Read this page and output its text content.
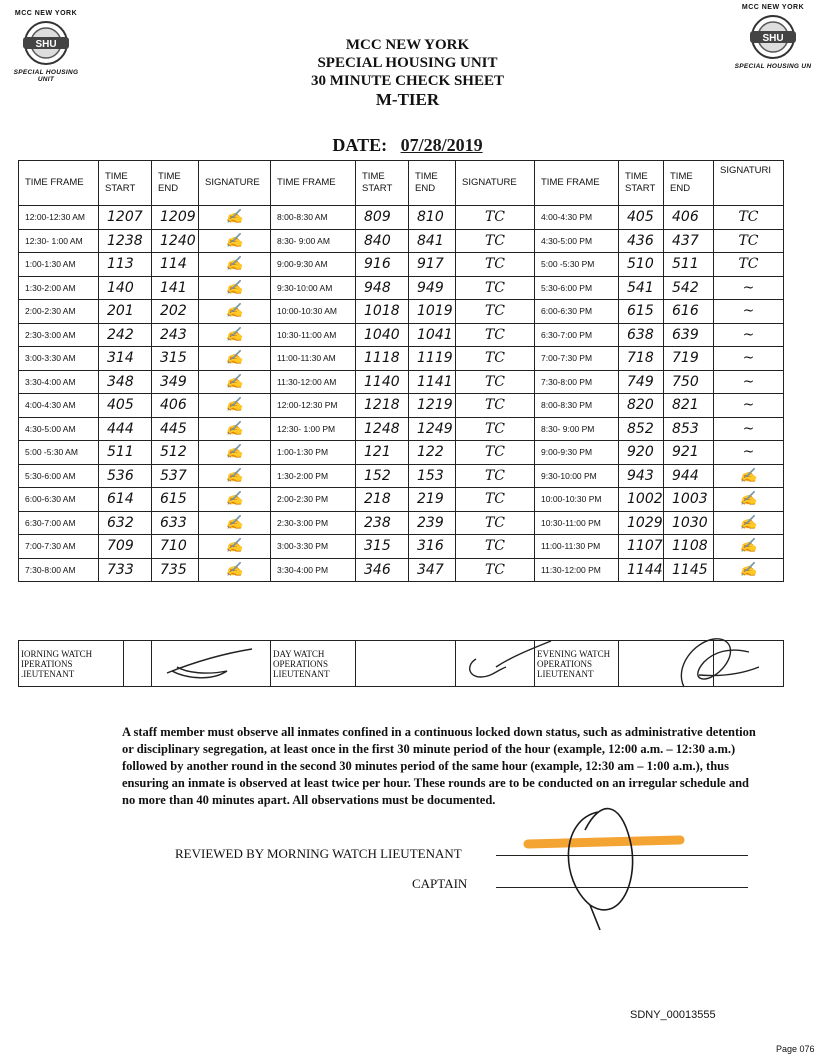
MCC NEW YORK
SHU
SPECIAL HOUSING UNIT
MCC NEW YORK
SHU
SPECIAL HOUSING UN
MCC NEW YORK
SPECIAL HOUSING UNIT
30 MINUTE CHECK SHEET
M-TIER
DATE: 07/28/2019
TIME FRAME	TIME START	TIME END	SIGNATURE	TIME FRAME	TIME START	TIME END	SIGNATURE	TIME FRAME	TIME START	TIME END	SIGNATURI
12:00-12:30 AM	1207	1209	✍	8:00-8:30 AM	809	810	TC	4:00-4:30 PM	405	406	TC
12:30- 1:00 AM	1238	1240	✍	8:30- 9:00 AM	840	841	TC	4:30-5:00 PM	436	437	TC
1:00-1:30 AM	113	114	✍	9:00-9:30 AM	916	917	TC	5:00 -5:30 PM	510	511	TC
1:30-2:00 AM	140	141	✍	9:30-10:00 AM	948	949	TC	5:30-6:00 PM	541	542	~
2:00-2:30 AM	201	202	✍	10:00-10:30 AM	1018	1019	TC	6:00-6:30 PM	615	616	~
2:30-3:00 AM	242	243	✍	10:30-11:00 AM	1040	1041	TC	6:30-7:00 PM	638	639	~
3:00-3:30 AM	314	315	✍	11:00-11:30 AM	1118	1119	TC	7:00-7:30 PM	718	719	~
3:30-4:00 AM	348	349	✍	11:30-12:00 AM	1140	1141	TC	7:30-8:00 PM	749	750	~
4:00-4:30 AM	405	406	✍	12:00-12:30 PM	1218	1219	TC	8:00-8:30 PM	820	821	~
4:30-5:00 AM	444	445	✍	12:30- 1:00 PM	1248	1249	TC	8:30- 9:00 PM	852	853	~
5:00 -5:30 AM	511	512	✍	1:00-1:30 PM	121	122	TC	9:00-9:30 PM	920	921	~
5:30-6:00 AM	536	537	✍	1:30-2:00 PM	152	153	TC	9:30-10:00 PM	943	944	✍
6:00-6:30 AM	614	615	✍	2:00-2:30 PM	218	219	TC	10:00-10:30 PM	1002	1003	✍
6:30-7:00 AM	632	633	✍	2:30-3:00 PM	238	239	TC	10:30-11:00 PM	1029	1030	✍
7:00-7:30 AM	709	710	✍	3:00-3:30 PM	315	316	TC	11:00-11:30 PM	1107	1108	✍
7:30-8:00 AM	733	735	✍	3:30-4:00 PM	346	347	TC	11:30-12:00 PM	1144	1145	✍
IORNING WATCH
IPERATIONS
.IEUTENANT		
	DAY WATCH
OPERATIONS
LIEUTENANT		
	EVENING WATCH
OPERATIONS
LIEUTENANT		
A staff member must observe all inmates confined in a continuous locked down status, such as administrative detention or disciplinary segregation, at least once in the first 30 minute period of the hour (example, 12:00 a.m. – 12:30 a.m.) followed by another round in the second 30 minutes period of the same hour (example, 12:30 am – 1:00 a.m.), thus ensuring an inmate is observed at least twice per hour. These rounds are to be conducted on an irregular schedule and no more than 40 minutes apart. All observations must be documented.
REVIEWED BY MORNING WATCH LIEUTENANT
CAPTAIN
SDNY_00013555
Page 076
